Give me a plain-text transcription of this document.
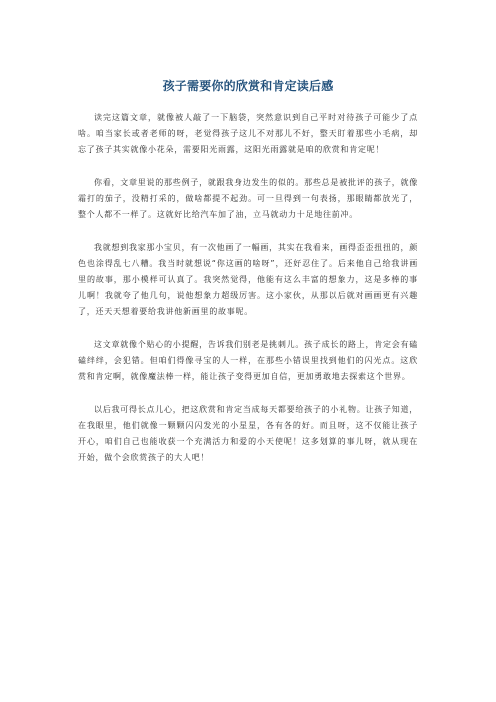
孩子需要你的欣赏和肯定读后感

读完这篇文章，就像被人敲了一下脑袋，突然意识到自己平时对待孩子可能少了点啥。咱当家长或者老师的呀，老觉得孩子这儿不对那儿不好，整天盯着那些小毛病，却忘了孩子其实就像小花朵，需要阳光雨露，这阳光雨露就是咱的欣赏和肯定呢！

你看，文章里说的那些例子，就跟我身边发生的似的。那些总是被批评的孩子，就像霜打的茄子，没精打采的，做啥都提不起劲。可一旦得到一句表扬，那眼睛都放光了，整个人都不一样了。这就好比给汽车加了油，立马就动力十足地往前冲。

我就想到我家那小宝贝，有一次他画了一幅画，其实在我看来，画得歪歪扭扭的，颜色也涂得乱七八糟。我当时就想说“你这画的啥呀”，还好忍住了。后来他自己给我讲画里的故事，那小模样可认真了。我突然觉得，他能有这么丰富的想象力，这是多棒的事儿啊！我就夸了他几句，说他想象力超级厉害。这小家伙，从那以后就对画画更有兴趣了，还天天想着要给我讲他新画里的故事呢。

这文章就像个贴心的小提醒，告诉我们别老是挑刺儿。孩子成长的路上，肯定会有磕磕绊绊，会犯错。但咱们得像寻宝的人一样，在那些小错误里找到他们的闪光点。这欣赏和肯定啊，就像魔法棒一样，能让孩子变得更加自信，更加勇敢地去探索这个世界。

以后我可得长点儿心，把这欣赏和肯定当成每天都要给孩子的小礼物。让孩子知道，在我眼里，他们就像一颗颗闪闪发光的小星星，各有各的好。而且呀，这不仅能让孩子开心，咱们自己也能收获一个充满活力和爱的小天使呢！这多划算的事儿呀，就从现在开始，做个会欣赏孩子的大人吧！
